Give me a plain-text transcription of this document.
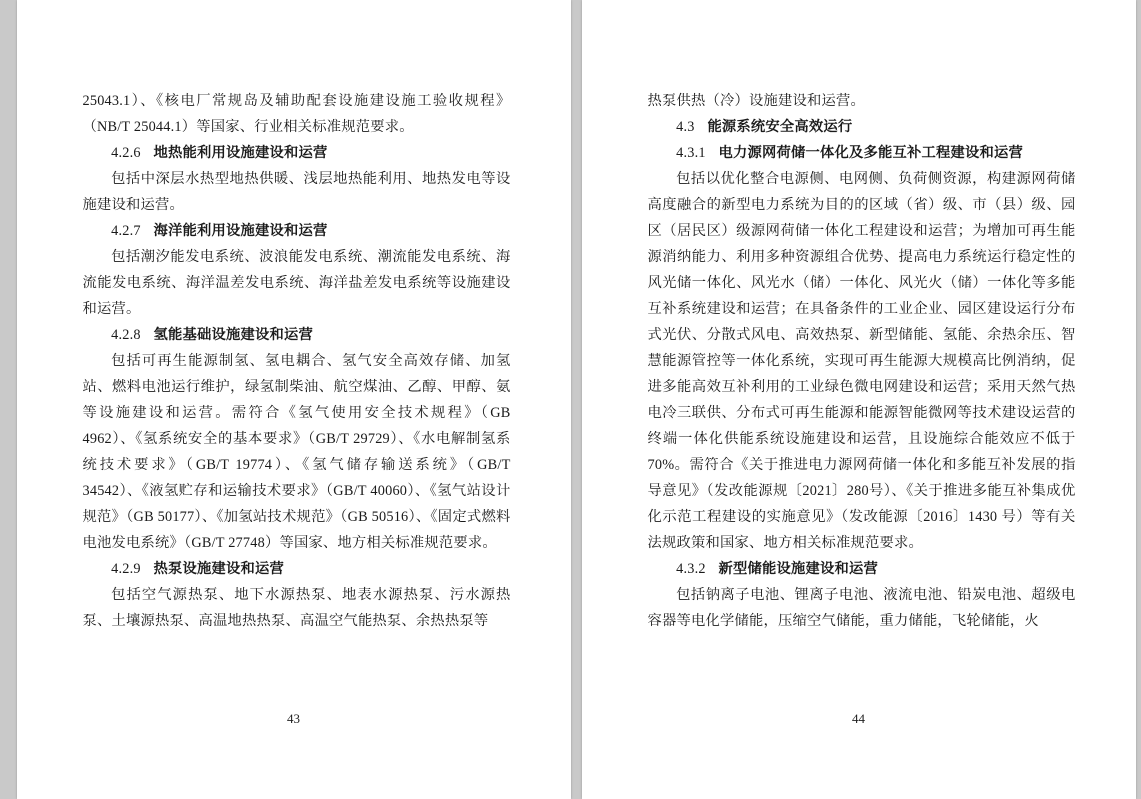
25043.1）、《核电厂常规岛及辅助配套设施建设施工验收规程》（NB/T 25044.1）等国家、行业相关标准规范要求。

4.2.6 地热能利用设施建设和运营

包括中深层水热型地热供暖、浅层地热能利用、地热发电等设施建设和运营。

4.2.7 海洋能利用设施建设和运营

包括潮汐能发电系统、波浪能发电系统、潮流能发电系统、海流能发电系统、海洋温差发电系统、海洋盐差发电系统等设施建设和运营。

4.2.8 氢能基础设施建设和运营

包括可再生能源制氢、氢电耦合、氢气安全高效存储、加氢站、燃料电池运行维护，绿氢制柴油、航空煤油、乙醇、甲醇、氨等设施建设和运营。需符合《氢气使用安全技术规程》（GB 4962）、《氢系统安全的基本要求》（GB/T 29729）、《水电解制氢系统技术要求》（GB/T 19774）、《氢气储存输送系统》（GB/T 34542）、《液氢贮存和运输技术要求》（GB/T 40060）、《氢气站设计规范》（GB 50177）、《加氢站技术规范》（GB 50516）、《固定式燃料电池发电系统》（GB/T 27748）等国家、地方相关标准规范要求。

4.2.9 热泵设施建设和运营

包括空气源热泵、地下水源热泵、地表水源热泵、污水源热泵、土壤源热泵、高温地热热泵、高温空气能热泵、余热热泵等

43

热泵供热（冷）设施建设和运营。

4.3 能源系统安全高效运行

4.3.1 电力源网荷储一体化及多能互补工程建设和运营

包括以优化整合电源侧、电网侧、负荷侧资源，构建源网荷储高度融合的新型电力系统为目的的区域（省）级、市（县）级、园区（居民区）级源网荷储一体化工程建设和运营；为增加可再生能源消纳能力、利用多种资源组合优势、提高电力系统运行稳定性的风光储一体化、风光水（储）一体化、风光火（储）一体化等多能互补系统建设和运营；在具备条件的工业企业、园区建设运行分布式光伏、分散式风电、高效热泵、新型储能、氢能、余热余压、智慧能源管控等一体化系统，实现可再生能源大规模高比例消纳，促进多能高效互补利用的工业绿色微电网建设和运营；采用天然气热电冷三联供、分布式可再生能源和能源智能微网等技术建设运营的终端一体化供能系统设施建设和运营，且设施综合能效应不低于70%。需符合《关于推进电力源网荷储一体化和多能互补发展的指导意见》（发改能源规〔2021〕280号）、《关于推进多能互补集成优化示范工程建设的实施意见》（发改能源〔2016〕1430 号）等有关法规政策和国家、地方相关标准规范要求。

4.3.2 新型储能设施建设和运营

包括钠离子电池、锂离子电池、液流电池、铅炭电池、超级电容器等电化学储能，压缩空气储能，重力储能，飞轮储能，火

44
